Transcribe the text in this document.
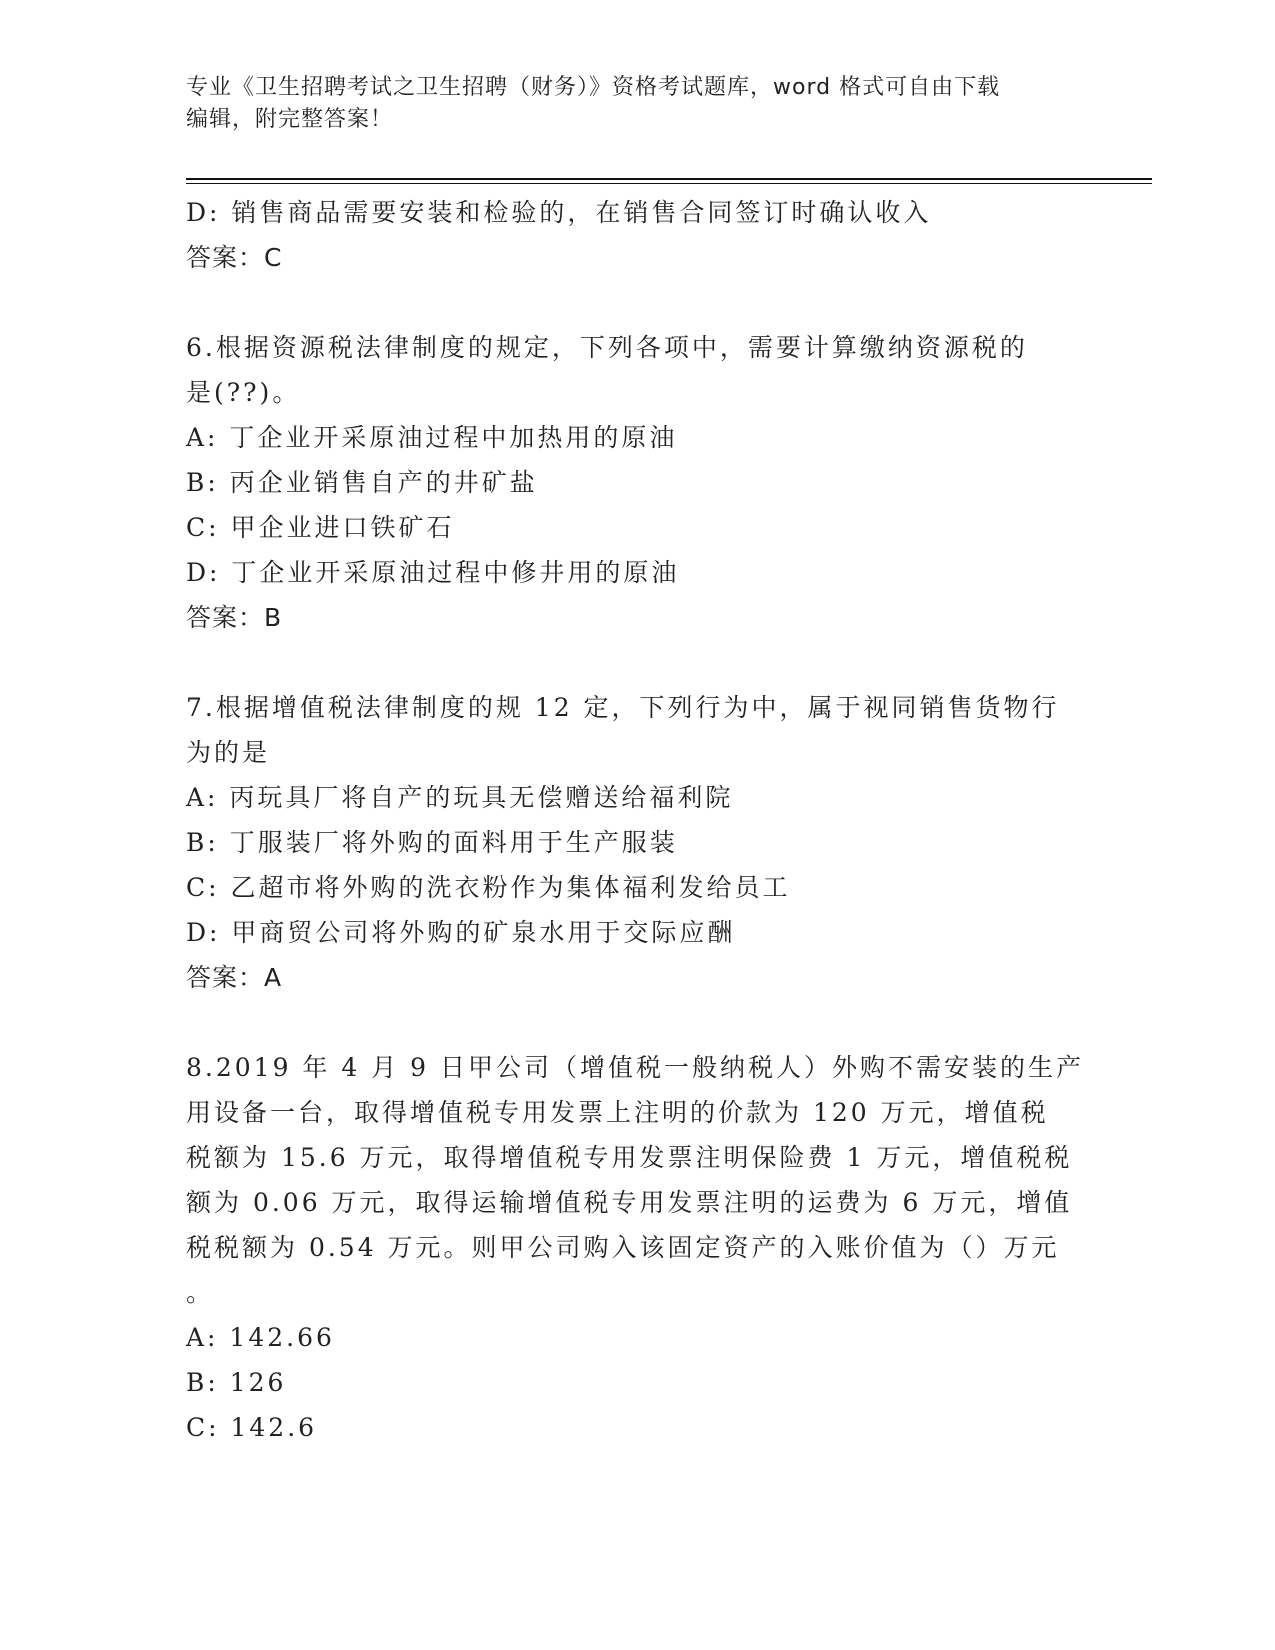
专业《卫生招聘考试之卫生招聘（财务）》资格考试题库，word 格式可自由下载
编辑，附完整答案！
D: 销售商品需要安装和检验的，在销售合同签订时确认收入
答案：C
6.根据资源税法律制度的规定，下列各项中，需要计算缴纳资源税的
是(??)。
A: 丁企业开采原油过程中加热用的原油
B: 丙企业销售自产的井矿盐
C: 甲企业进口铁矿石
D: 丁企业开采原油过程中修井用的原油
答案：B
7.根据增值税法律制度的规 12 定，下列行为中，属于视同销售货物行
为的是
A: 丙玩具厂将自产的玩具无偿赠送给福利院
B: 丁服装厂将外购的面料用于生产服装
C: 乙超市将外购的洗衣粉作为集体福利发给员工
D: 甲商贸公司将外购的矿泉水用于交际应酬
答案：A
8.2019 年 4 月 9 日甲公司（增值税一般纳税人）外购不需安装的生产
用设备一台，取得增值税专用发票上注明的价款为 120 万元，增值税
税额为 15.6 万元，取得增值税专用发票注明保险费 1 万元，增值税税
额为 0.06 万元，取得运输增值税专用发票注明的运费为 6 万元，增值
税税额为 0.54 万元。则甲公司购入该固定资产的入账价值为（）万元
。
A: 142.66
B: 126
C: 142.6
